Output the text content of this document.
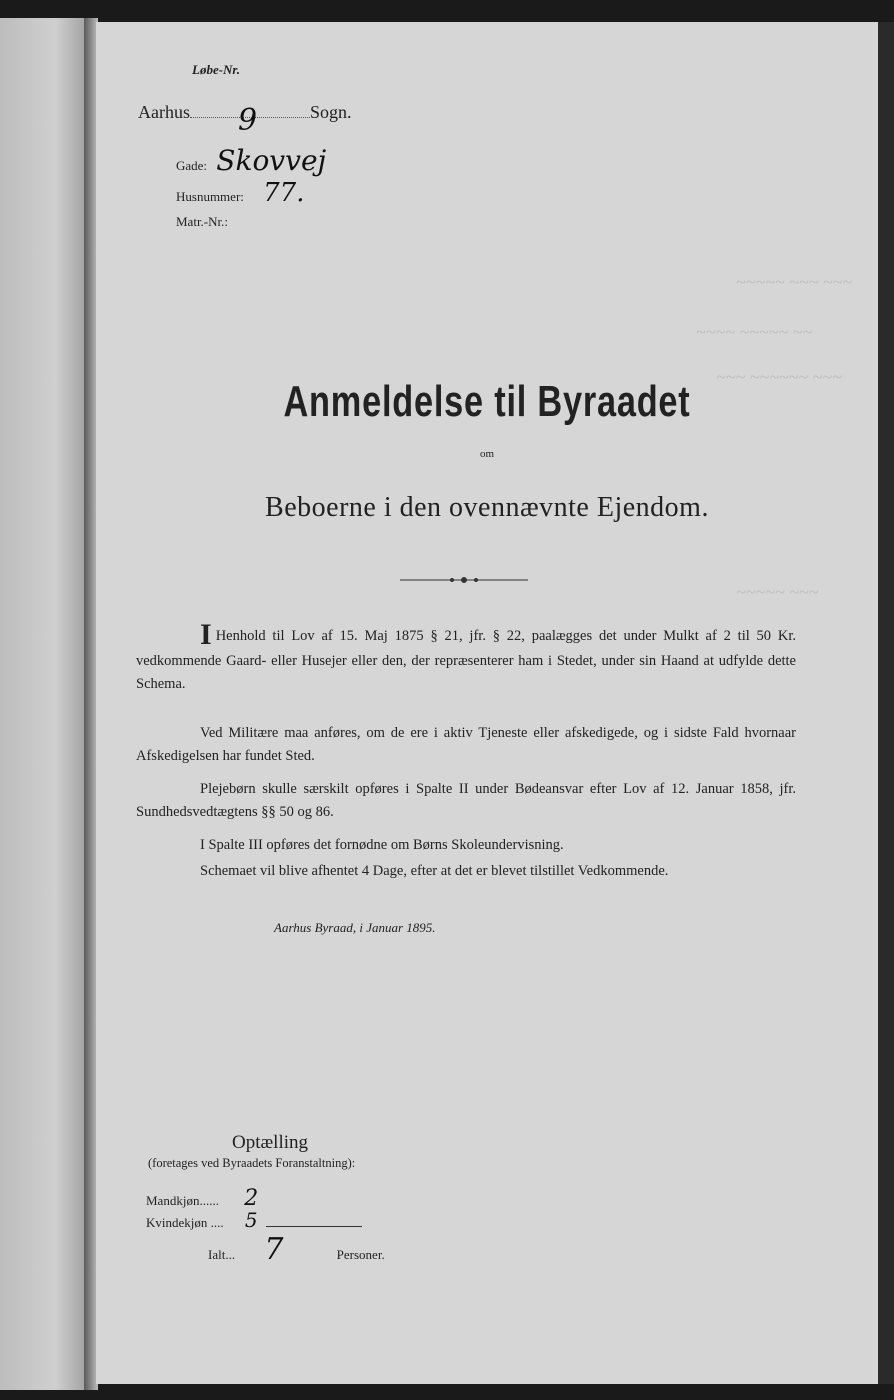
~~~~~ ~~~ ~~~
~~~~ ~~~~~ ~~
~~~ ~~~~~~ ~~~
~~~~~ ~~~
Løbe-Nr.
Aarhus 9	Sogn.
Gade: Skovvej
Husnummer: 77.
Matr.-Nr.:
Anmeldelse til Byraadet
om
Beboerne i den ovennævnte Ejendom.
I Henhold til Lov af 15. Maj 1875 § 21, jfr. § 22, paalægges det under Mulkt af 2 til 50 Kr. vedkommende Gaard- eller Husejer eller den, der repræsenterer ham i Stedet, under sin Haand at udfylde dette Schema.
Ved Militære maa anføres, om de ere i aktiv Tjeneste eller afskedigede, og i sidste Fald hvornaar Afskedigelsen har fundet Sted.
Plejebørn skulle særskilt opføres i Spalte II under Bødeansvar efter Lov af 12. Januar 1858, jfr. Sundhedsvedtægtens §§ 50 og 86.
I Spalte III opføres det fornødne om Børns Skoleundervisning.
Schemaet vil blive afhentet 4 Dage, efter at det er blevet tilstillet Vedkommende.
Aarhus Byraad, i Januar 1895.
Optælling
(foretages ved Byraadets Foranstaltning):
Mandkjøn...... 2
Kvindekjøn .... 5
Ialt... 7	Personer.
